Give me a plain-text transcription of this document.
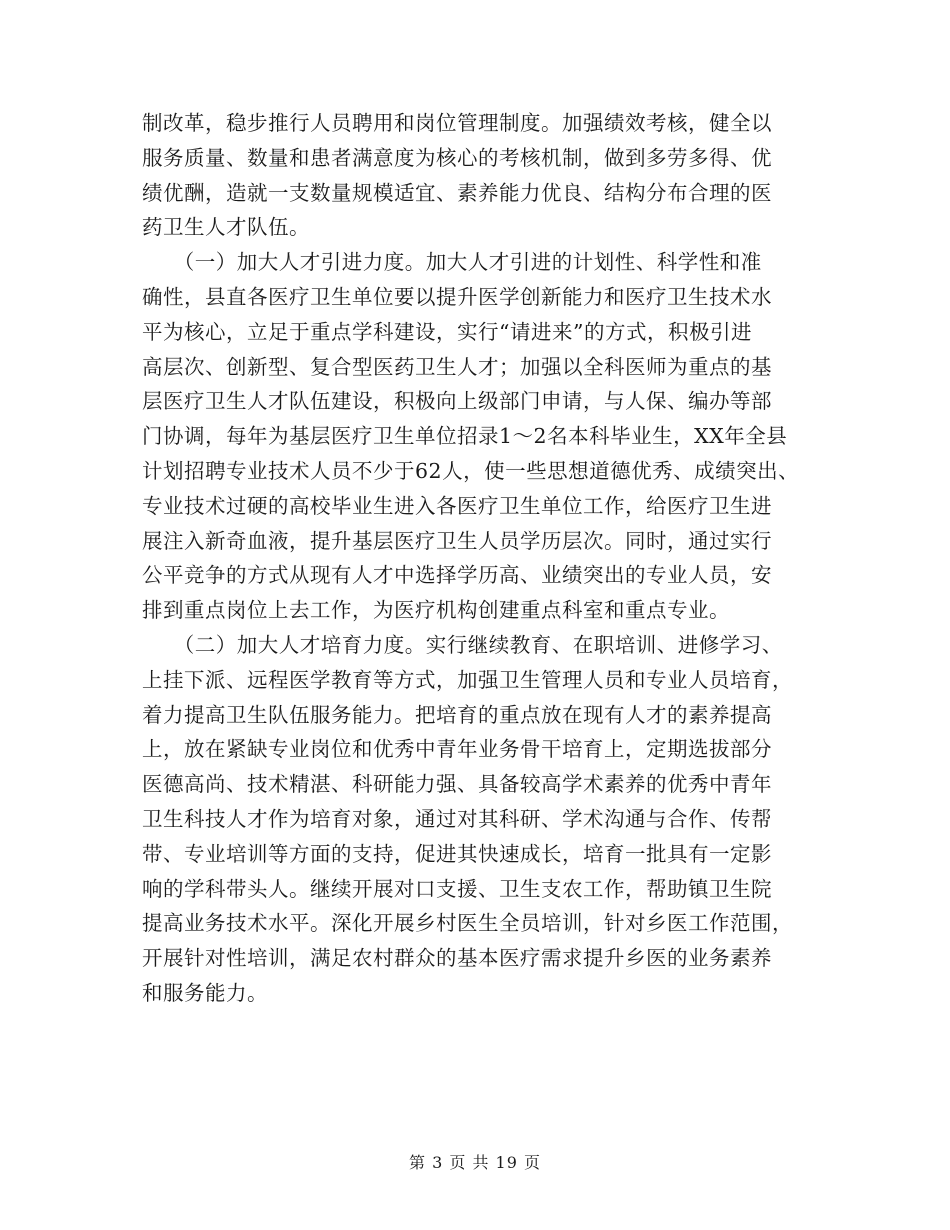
制改革，稳步推行人员聘用和岗位管理制度。加强绩效考核，健全以
服务质量、数量和患者满意度为核心的考核机制，做到多劳多得、优
绩优酬，造就一支数量规模适宜、素养能力优良、结构分布合理的医
药卫生人才队伍。
　　（一）加大人才引进力度。加大人才引进的计划性、科学性和准
确性，县直各医疗卫生单位要以提升医学创新能力和医疗卫生技术水
平为核心，立足于重点学科建设，实行“请进来”的方式，积极引进
高层次、创新型、复合型医药卫生人才；加强以全科医师为重点的基
层医疗卫生人才队伍建设，积极向上级部门申请，与人保、编办等部
门协调，每年为基层医疗卫生单位招录1～2名本科毕业生，XX年全县
计划招聘专业技术人员不少于62人，使一些思想道德优秀、成绩突出、
专业技术过硬的高校毕业生进入各医疗卫生单位工作，给医疗卫生进
展注入新奇血液，提升基层医疗卫生人员学历层次。同时，通过实行
公平竞争的方式从现有人才中选择学历高、业绩突出的专业人员，安
排到重点岗位上去工作，为医疗机构创建重点科室和重点专业。
　　（二）加大人才培育力度。实行继续教育、在职培训、进修学习、
上挂下派、远程医学教育等方式，加强卫生管理人员和专业人员培育，
着力提高卫生队伍服务能力。把培育的重点放在现有人才的素养提高
上，放在紧缺专业岗位和优秀中青年业务骨干培育上，定期选拔部分
医德高尚、技术精湛、科研能力强、具备较高学术素养的优秀中青年
卫生科技人才作为培育对象，通过对其科研、学术沟通与合作、传帮
带、专业培训等方面的支持，促进其快速成长，培育一批具有一定影
响的学科带头人。继续开展对口支援、卫生支农工作，帮助镇卫生院
提高业务技术水平。深化开展乡村医生全员培训，针对乡医工作范围，
开展针对性培训，满足农村群众的基本医疗需求提升乡医的业务素养
和服务能力。
第 3 页 共 19 页
